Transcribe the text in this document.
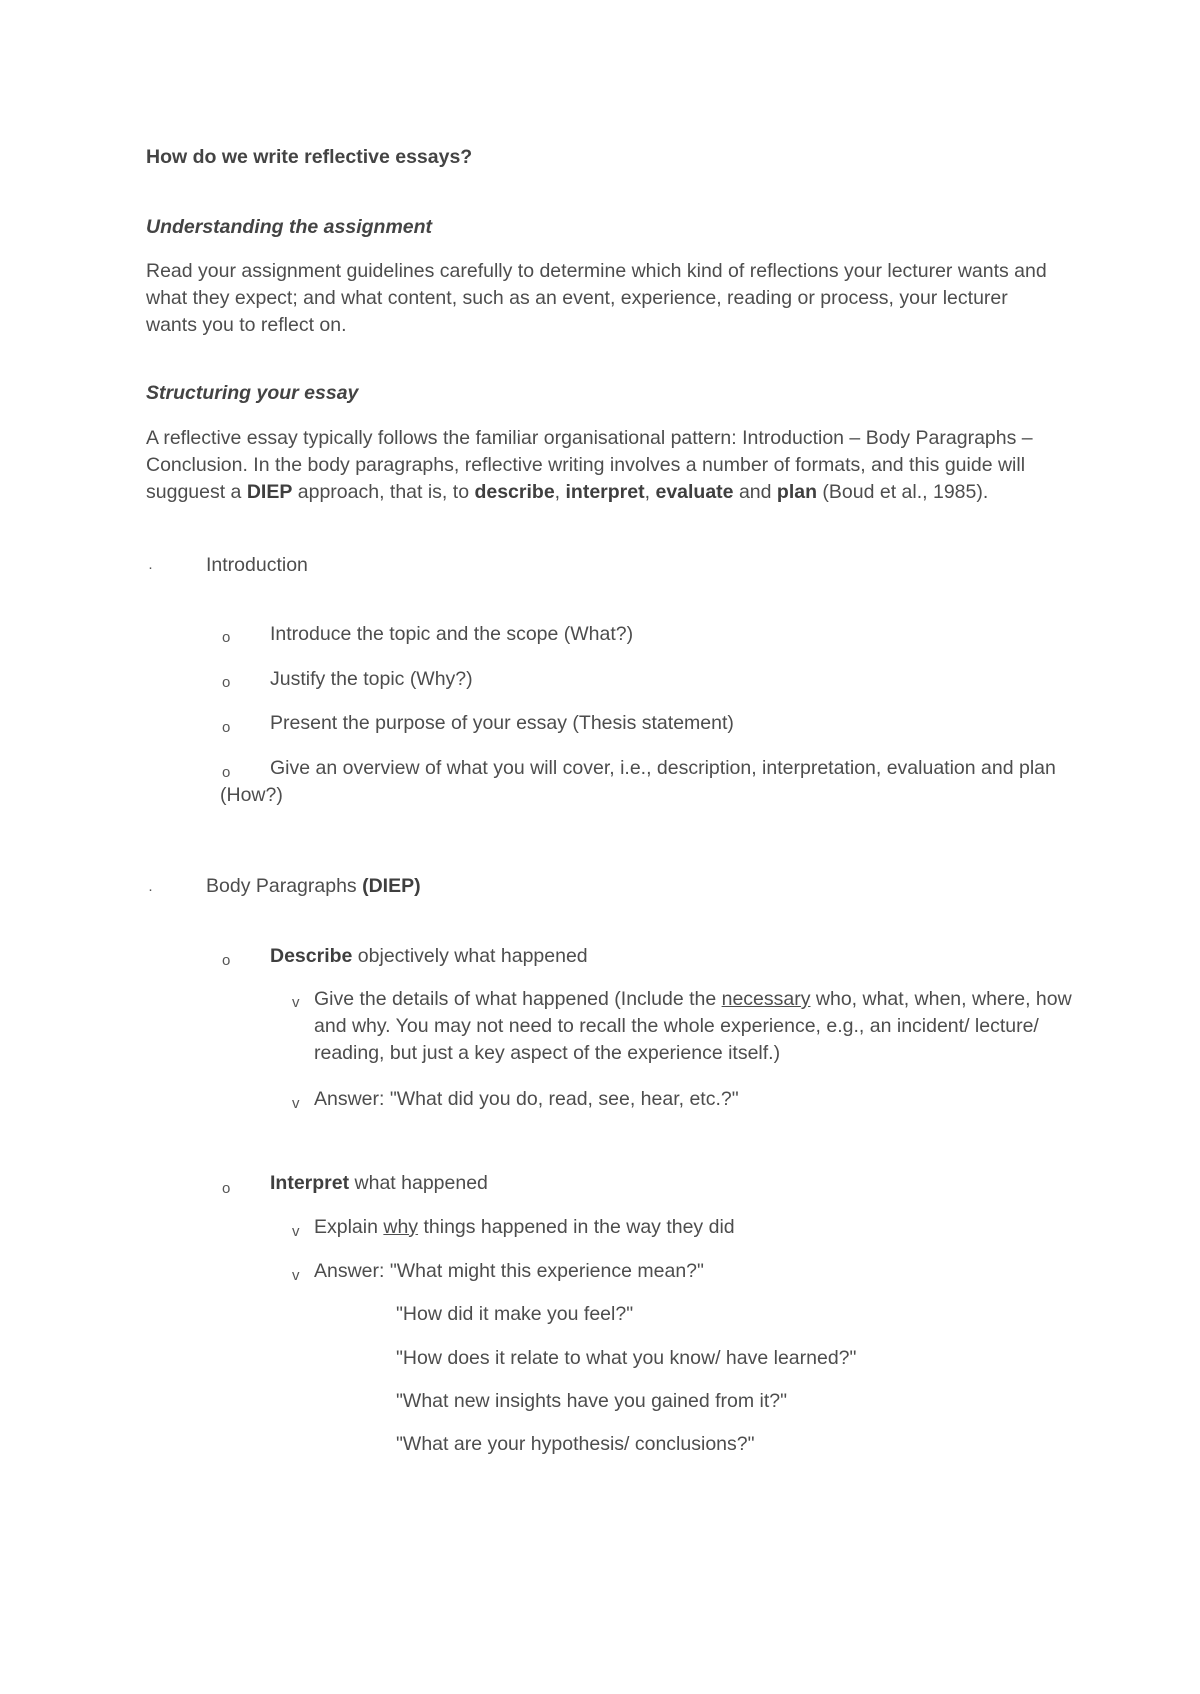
How do we write reflective essays?

Understanding the assignment

Read your assignment guidelines carefully to determine which kind of reflections your lecturer wants and what they expect; and what content, such as an event, experience, reading or process, your lecturer wants you to reflect on.

Structuring your essay

A reflective essay typically follows the familiar organisational pattern: Introduction – Body Paragraphs – Conclusion. In the body paragraphs, reflective writing involves a number of formats, and this guide will sugguest a DIEP approach, that is, to describe, interpret, evaluate and plan (Boud et al., 1985).

·	Introduction

o Introduce the topic and the scope (What?)

o Justify the topic (Why?)

o Present the purpose of your essay (Thesis statement)

o	Give an overview of what you will cover, i.e., description, interpretation, evaluation and plan (How?)

·	Body Paragraphs (DIEP)

o Describe objectively what happened

v Give the details of what happened (Include the necessary who, what, when, where, how and why. You may not need to recall the whole experience, e.g., an incident/ lecture/ reading, but just a key aspect of the experience itself.)

v Answer: "What did you do, read, see, hear, etc.?"

o Interpret what happened

v Explain why things happened in the way they did

v Answer: "What might this experience mean?"

"How did it make you feel?"

"How does it relate to what you know/ have learned?"

"What new insights have you gained from it?"

"What are your hypothesis/ conclusions?"
